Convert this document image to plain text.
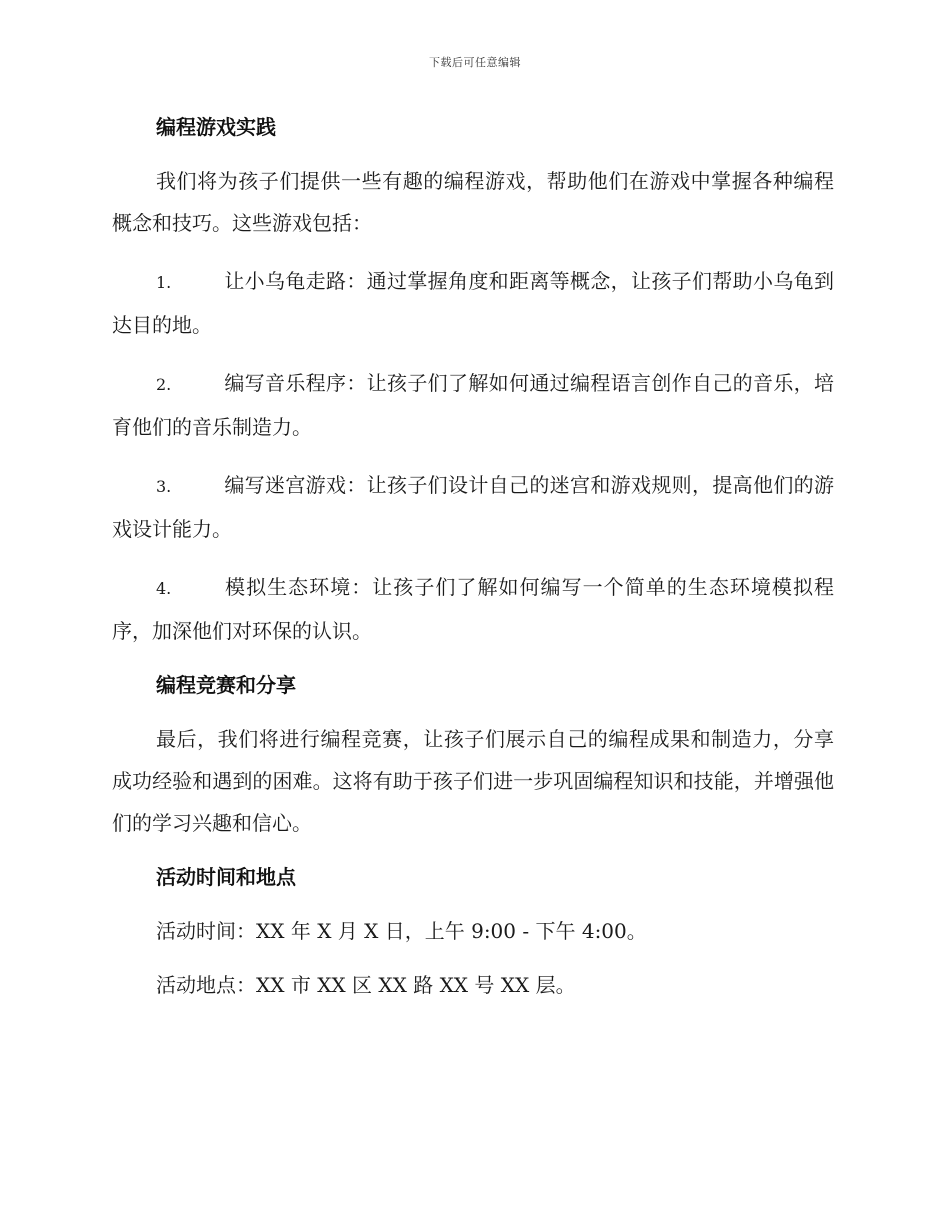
下载后可任意编辑
编程游戏实践

我们将为孩子们提供一些有趣的编程游戏，帮助他们在游戏中掌握各种编程概念和技巧。这些游戏包括：

1.	让小乌龟走路：通过掌握角度和距离等概念，让孩子们帮助小乌龟到达目的地。

2.	编写音乐程序：让孩子们了解如何通过编程语言创作自己的音乐，培育他们的音乐制造力。

3.	编写迷宫游戏：让孩子们设计自己的迷宫和游戏规则，提高他们的游戏设计能力。

4.	模拟生态环境：让孩子们了解如何编写一个简单的生态环境模拟程序，加深他们对环保的认识。

编程竞赛和分享

最后，我们将进行编程竞赛，让孩子们展示自己的编程成果和制造力，分享成功经验和遇到的困难。这将有助于孩子们进一步巩固编程知识和技能，并增强他们的学习兴趣和信心。

活动时间和地点
活动时间：XX 年 X 月 X 日，上午 9:00 - 下午 4:00。
活动地点：XX 市 XX 区 XX 路 XX 号 XX 层。
